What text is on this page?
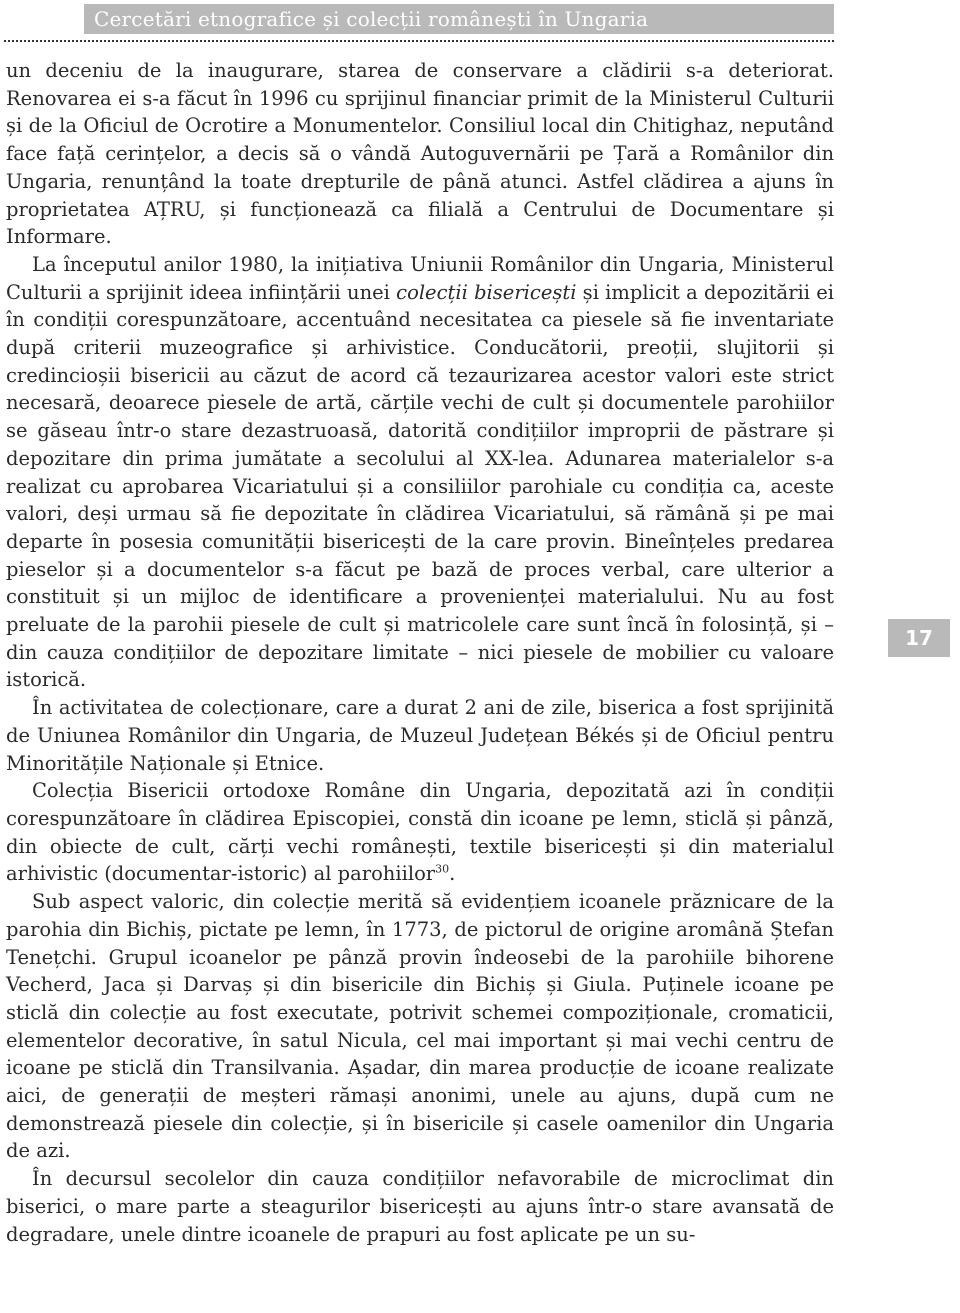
Cercetări etnografice și colecții românești în Ungaria

un deceniu de la inaugurare, starea de conservare a clădirii s-a deteriorat. Renovarea ei s-a făcut în 1996 cu sprijinul financiar primit de la Ministerul Culturii și de la Oficiul de Ocrotire a Monumentelor. Consiliul local din Chitighaz, neputând face față cerințelor, a decis să o vândă Autoguvernării pe Țară a Românilor din Ungaria, renunțând la toate drepturile de până atunci. Astfel clădirea a ajuns în proprietatea AȚRU, și funcționează ca filială a Centrului de Documentare și Informare.

La începutul anilor 1980, la inițiativa Uniunii Românilor din Ungaria, Ministerul Culturii a sprijinit ideea inființării unei colecții bisericești și implicit a depozitării ei în condiții corespunzătoare, accentuând necesitatea ca piesele să fie inventariate după criterii muzeografice și arhivistice. Conducătorii, preoții, slujitorii și credincioșii bisericii au căzut de acord că tezaurizarea acestor valori este strict necesară, deoarece piesele de artă, cărțile vechi de cult și documentele parohiilor se găseau într-o stare dezastruoasă, datorită condițiilor improprii de păstrare și depozitare din prima jumătate a secolului al XX-lea. Adunarea materialelor s-a realizat cu aprobarea Vicariatului și a consiliilor parohiale cu condiția ca, aceste valori, deși urmau să fie depozitate în clădirea Vicariatului, să rămână și pe mai departe în posesia comunității bisericești de la care provin. Bineînțeles predarea pieselor și a documentelor s-a făcut pe bază de proces verbal, care ulterior a constituit și un mijloc de identificare a provenienței materialului. Nu au fost preluate de la parohii piesele de cult și matricolele care sunt încă în folosință, și – din cauza condițiilor de depozitare limitate – nici piesele de mobilier cu valoare istorică.

În activitatea de colecționare, care a durat 2 ani de zile, biserica a fost sprijinită de Uniunea Românilor din Ungaria, de Muzeul Județean Békés și de Oficiul pentru Minoritățile Naționale și Etnice.

Colecția Bisericii ortodoxe Române din Ungaria, depozitată azi în condiții corespunzătoare în clădirea Episcopiei, constă din icoane pe lemn, sticlă și pânză, din obiecte de cult, cărți vechi românești, textile bisericești și din materialul arhivistic (documentar-istoric) al parohiilor$^{30}$.

Sub aspect valoric, din colecție merită să evidențiem icoanele prăznicare de la parohia din Bichiș, pictate pe lemn, în 1773, de pictorul de origine aromână Ștefan Tenețchi. Grupul icoanelor pe pânză provin îndeosebi de la parohiile bihorene Vecherd, Jaca și Darvaș și din bisericile din Bichiș și Giula. Puținele icoane pe sticlă din colecție au fost executate, potrivit schemei compoziționale, cromaticii, elementelor decorative, în satul Nicula, cel mai important și mai vechi centru de icoane pe sticlă din Transilvania. Așadar, din marea producție de icoane realizate aici, de generații de meșteri rămași anonimi, unele au ajuns, după cum ne demonstrează piesele din colecție, și în bisericile și casele oamenilor din Ungaria de azi.

În decursul secolelor din cauza condițiilor nefavorabile de microclimat din biserici, o mare parte a steagurilor bisericești au ajuns într-o stare avansată de degradare, unele dintre icoanele de prapuri au fost aplicate pe un su-

17
